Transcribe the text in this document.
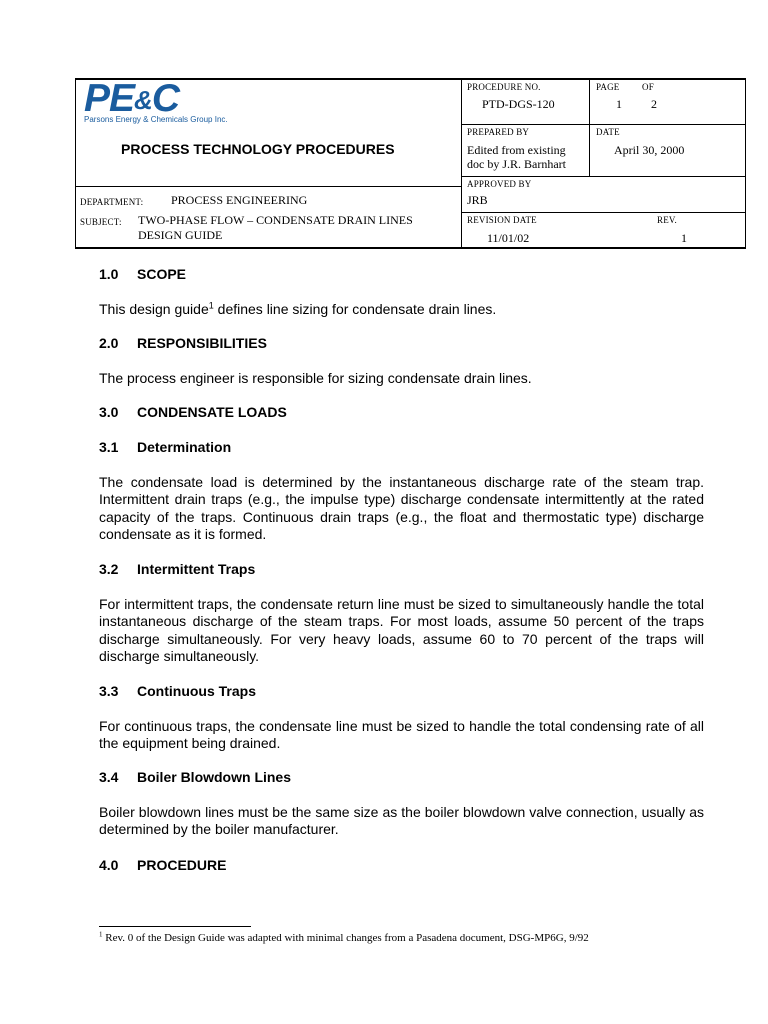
PE&C
Parsons Energy & Chemicals Group Inc.
PROCESS TECHNOLOGY PROCEDURES
DEPARTMENT: PROCESS ENGINEERING
SUBJECT: TWO-PHASE FLOW – CONDENSATE DRAIN LINES
DESIGN GUIDE
PROCEDURE NO.
PTD-DGS-120
PAGE	OF
1 2
PREPARED BY
Edited from existing
doc by J.R. Barnhart
DATE
April 30, 2000
APPROVED BY
JRB
REVISION DATE
11/01/02
REV.
1
1.0 SCOPE
This design guide$^1$ defines line sizing for condensate drain lines.
2.0 RESPONSIBILITIES
The process engineer is responsible for sizing condensate drain lines.
3.0 CONDENSATE LOADS
3.1 Determination
The condensate load is determined by the instantaneous discharge rate of the steam trap. Intermittent drain traps (e.g., the impulse type) discharge condensate intermittently at the rated capacity of the traps. Continuous drain traps (e.g., the float and thermostatic type) discharge condensate as it is formed.
3.2 Intermittent Traps
For intermittent traps, the condensate return line must be sized to simultaneously handle the total instantaneous discharge of the steam traps. For most loads, assume 50 percent of the traps discharge simultaneously. For very heavy loads, assume 60 to 70 percent of the traps will discharge simultaneously.
3.3 Continuous Traps
For continuous traps, the condensate line must be sized to handle the total condensing rate of all the equipment being drained.
3.4 Boiler Blowdown Lines
Boiler blowdown lines must be the same size as the boiler blowdown valve connection, usually as determined by the boiler manufacturer.
4.0 PROCEDURE
$^1$ Rev. 0 of the Design Guide was adapted with minimal changes from a Pasadena document, DSG-MP6G, 9/92
